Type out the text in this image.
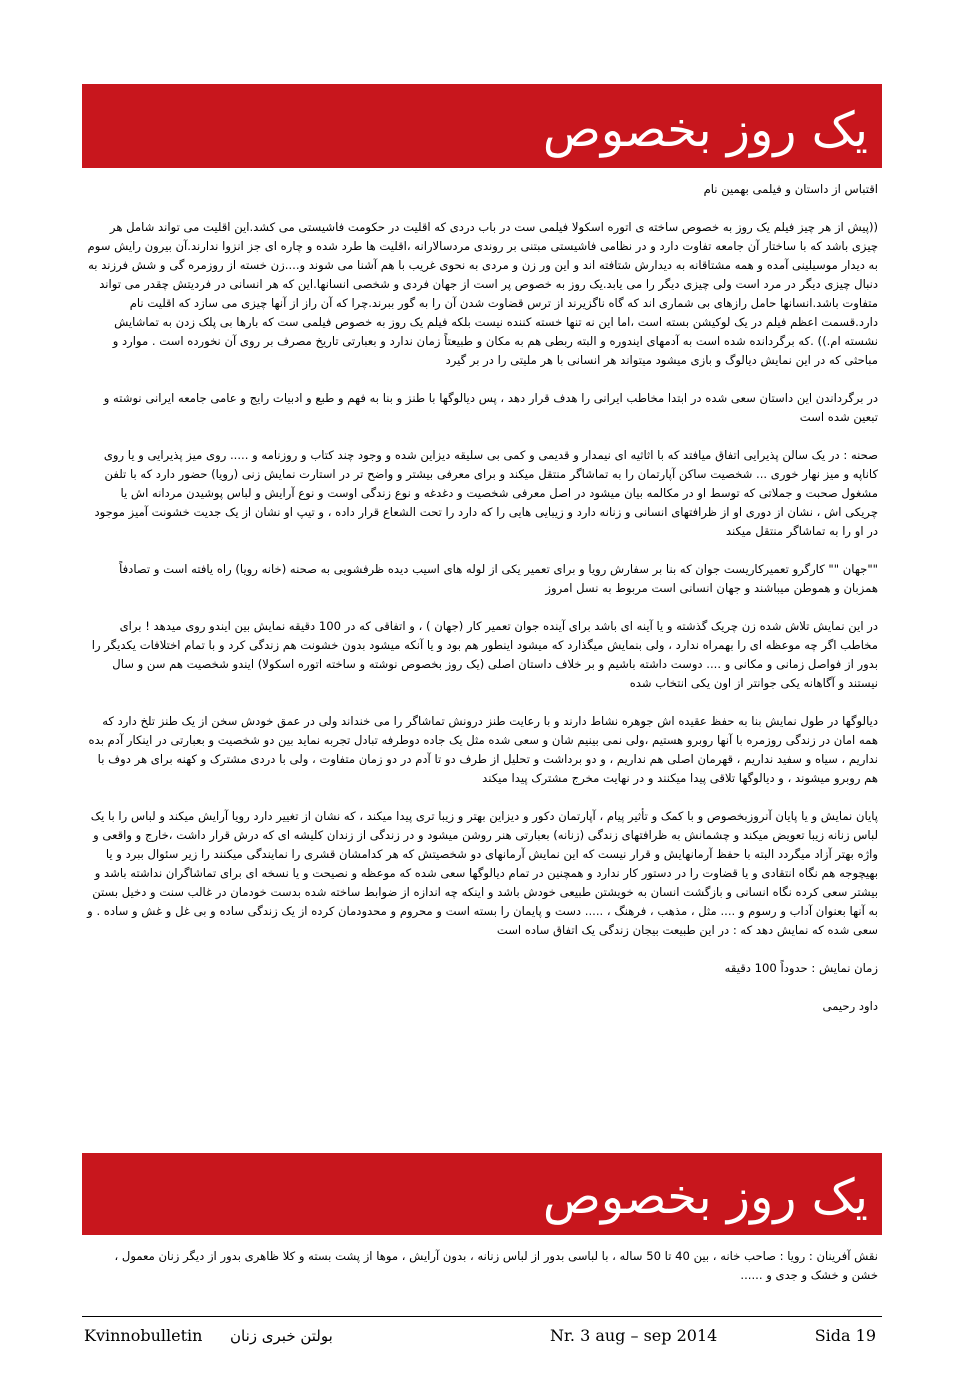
یک روز بخصوص

اقتباس از داستان و فیلمی بهمین نام

((پیش از هر چیز فیلم یک روز به خصوص ساخته ی اتوره اسکولا فیلمی ست در باب دردی که اقلیت در حکومت فاشیستی می کشد.این اقلیت می تواند شامل هر چیزی باشد که با ساختار آن جامعه تفاوت دارد و در نظامی فاشیستی مبتنی بر روندی مردسالارانه ،اقلیت ها طرد شده و چاره ای جز انزوا ندارند.آن بیرون رایش سوم به دیدار موسیلینی آمده و همه مشتاقانه به دیدارش شتافته اند و این ور زن و مردی به نحوی غریب با هم آشنا می شوند و....زن خسته از روزمره گی و شش فرزند به دنبال چیزی دیگر در مرد است ولی چیزی دیگر را می یابد.یک روز به خصوص پر است از جهان فردی و شخصی انسانها.این که هر انسانی در فردیتش چقدر می تواند متفاوت باشد.انسانها حامل رازهای بی شماری اند که گاه ناگزیرند از ترس قضاوت شدن آن را به گور ببرند.چرا که آن راز از آنها چیزی می سازد که اقلیت نام دارد.قسمت اعظم فیلم در یک لوکیشن بسته است ،اما این نه تنها خسته کننده نیست بلکه فیلم یک روز به خصوص فیلمی ست که بارها بی پلک زدن به تماشایش نشسته ام.)) .که برگردانده شده است به آدمهای ایندوره و البته ربطی هم به مکان و طبیعتاً زمان ندارد و بعبارتی تاریخ مصرف بر روی آن نخورده است . موارد و مباحثی که در این نمایش دیالوگ و بازی میشود میتواند هر انسانی با هر ملیتی را در بر گیرد

در برگرداندن این داستان سعی شده در ابتدا مخاطب ایرانی را هدف قرار دهد ، پس دیالوگها با طنز و بنا به فهم و طبع و ادبیات رایج و عامی جامعه ایرانی نوشته و تبعین شده است

صحنه : در یک سالن پذیرایی اتفاق میافتد که با اثاثیه ای نیمدار و قدیمی و کمی بی سلیقه دیزاین شده و وجود چند کتاب و روزنامه و ..... روی میز پذیرایی و یا روی کاناپه و میز نهار خوری ... شخصیت ساکن آپارتمان را به تماشاگر منتقل میکند و برای معرفی بیشتر و واضح تر در استارت نمایش زنی (رویا) حضور دارد که با تلفن مشغول صحبت و جملاتی که توسط او در مکالمه بیان میشود در اصل معرفی شخصیت و دغدغه و نوع زندگی اوست و نوع آرایش و لباس پوشیدن مردانه اش یا چریکی اش ، نشان از دوری او از ظرافتهای انسانی و زنانه دارد و زیبایی هایی را که دارد را تحت الشعاع قرار داده ، و تیپ او نشان از یک جدیت خشونت آمیز موجود در او را به تماشاگر منتقل میکند

""جهان "" کارگرو تعمیرکاریست جوان که بنا بر سفارش رویا و برای تعمیر یکی از لوله های اسیب دیده ظرفشویی به صحنه (خانه رویا) راه یافته است و تصادفاً همزبان و هموطن میباشند و جهان انسانی است مربوط به نسل امروز

در این نمایش تلاش شده زن چریک گذشته و یا آینه ای باشد برای آینده جوان تعمیر کار (جهان ) ، و اتفاقی که در 100 دقیقه نمایش بین ایندو روی میدهد ! برای مخاطب اگر چه موعظه ای را بهمراه ندارد ، ولی بنمایش میگذارد که میشود اینطور هم بود و یا آنکه میشود بدون خشونت هم زندگی کرد و با تمام اختلافات یکدیگر را بدور از فواصل زمانی و مکانی و .... دوست داشته باشیم و بر خلاف داستان اصلی (یک روز بخصوص نوشته و ساخته اتوره اسکولا) ایندو شخصیت هم سن و سال نیستند و آگاهانه یکی جوانتر از اون یکی انتخاب شده

دیالوگها در طول نمایش بنا به حفظ عقیده اش جوهره نشاط دارند و با رعایت طنز درونش تماشاگر را می خنداند ولی در عمق خودش سخن از یک طنز تلخ دارد که همه امان در زندگی روزمره با آنها روبرو هستیم ،ولی نمی بینیم شان و سعی شده مثل یک جاده دوطرفه تبادل تجربه نماید بین دو شخصیت و بعبارتی در اینکار آدم بده نداریم ، سیاه و سفید نداریم ، قهرمان اصلی هم نداریم ، و دو برداشت و تحلیل از طرف دو تا آدم در دو زمان متفاوت ، ولی با دردی مشترک و کهنه برای هر دوف با هم روبرو میشوند ، و دیالوگها تلاقی پیدا میکنند و در نهایت مخرج مشترک پیدا میکند

پایان نمایش و یا پایان آنروزبخصوص و با کمک و تأثیر پیام ، آپارتمان دکور و دیزاین بهتر و زیبا تری پیدا میکند ، که نشان از تغییر دارد رویا آرایش میکند و لباس را با یک لباس زنانه زیبا تعویض میکند و چشمانش به ظرافتهای زندگی (زنانه) بعبارتی هنر روشن میشود و در زندگی از زندان کلیشه ای که درش قرار داشت ،خارج و واقعی و واژه بهتر آزاد میگردد البته با حفظ آرمانهایش و قرار نیست که این نمایش آرمانهای دو شخصیتش که هر کدامشان قشری را نمایندگی میکنند را زیر سئوال ببرد و یا بهیچوجه هم نگاه انتقادی و یا قضاوت را در دستور کار ندارد و همچنین در تمام دیالوگها سعی شده که موعظه و نصیحت و یا نسخه ای برای تماشاگران نداشته باشد و بیشتر سعی کرده نگاه انسانی و بازگشت انسان به خویشتن طبیعی خودش باشد و اینکه چه اندازه از ضوابط ساخته شده بدست خودمان در غالب سنت و دخیل بستن به آنها بعنوان آداب و رسوم و .... مثل ، مذهب ، فرهنگ ، ..... دست و پایمان را بسته است و محروم و محدودمان کرده از یک زندگی ساده و بی غل و غش و ساده . و سعی شده که نمایش دهد که : در این طبیعت بیجان زندگی یک اتفاق ساده است

زمان نمایش : حدوداً 100 دقیقه

داود رحیمی

یک روز بخصوص

نقش آفرینان : رویا : صاحب خانه ، بین 40 تا 50 ساله ، با لباسی بدور از لباس زنانه ، بدون آرایش ، موها از پشت بسته و کلا ظاهری بدور از دیگر زنان معمول ، خشن و خشک و جدی و ......

Kvinnobulletin بولتن خبری زنان	Nr. 3 aug – sep 2014	Sida 19
